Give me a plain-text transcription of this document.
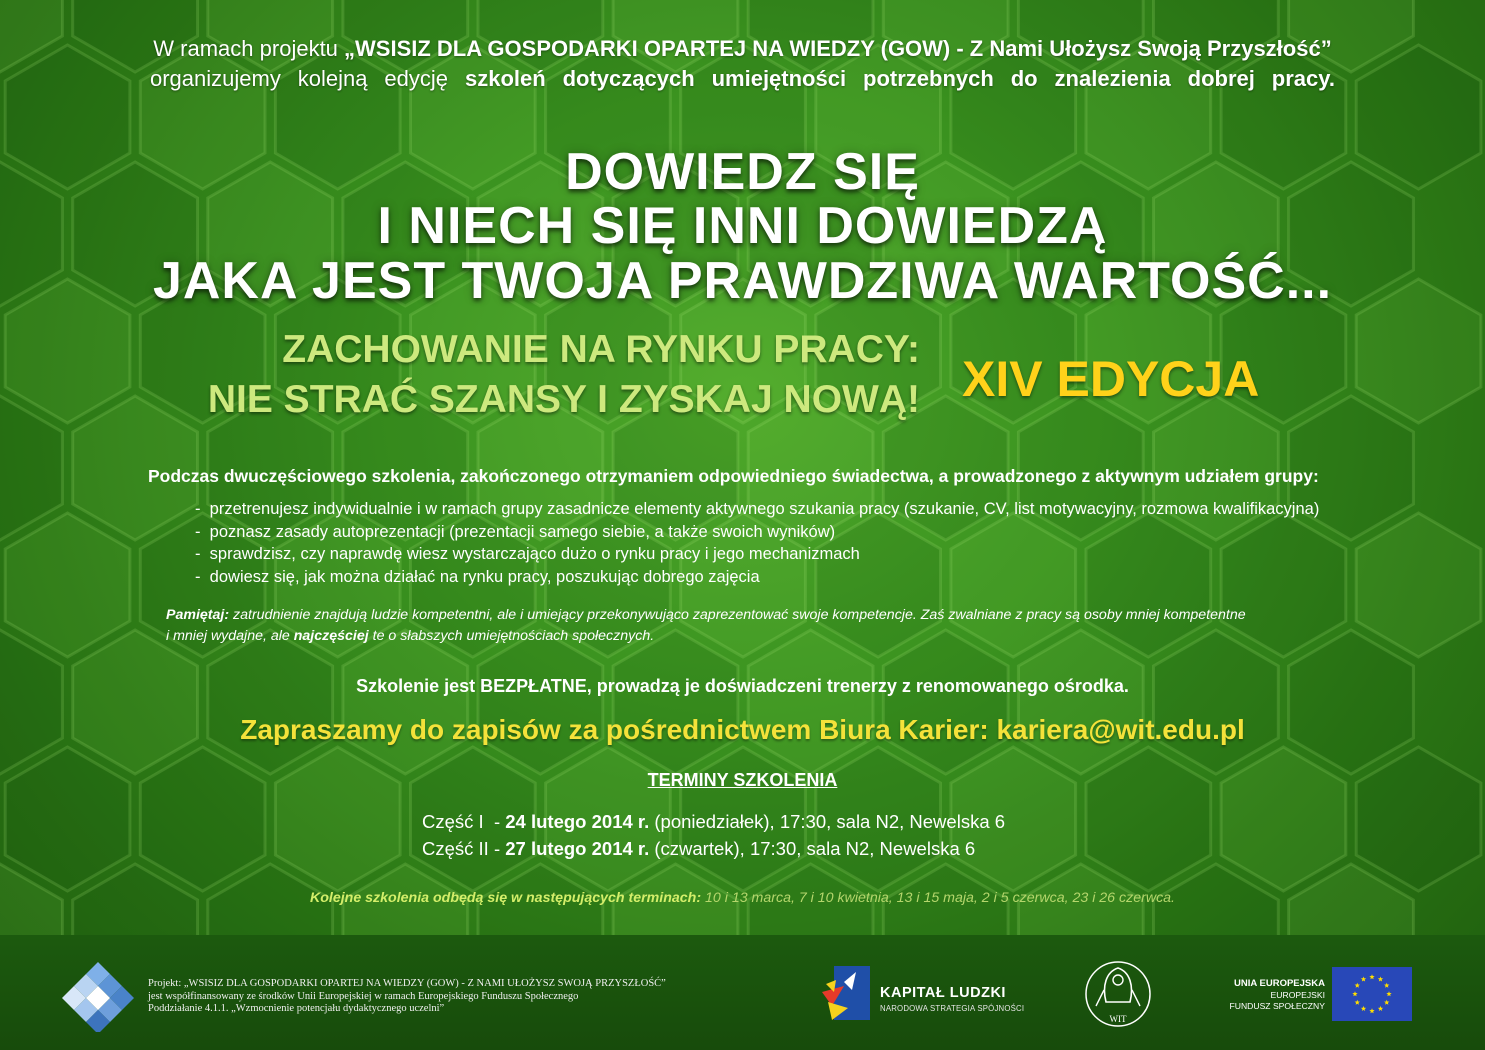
W ramach projektu „WSISIZ DLA GOSPODARKI OPARTEJ NA WIEDZY (GOW) - Z Nami Ułożysz Swoją Przyszłość”
organizujemy kolejną edycję szkoleń dotyczących umiejętności potrzebnych do znalezienia dobrej pracy.
DOWIEDZ SIĘ
I NIECH SIĘ INNI DOWIEDZĄ
JAKA JEST TWOJA PRAWDZIWA WARTOŚĆ...
ZACHOWANIE NA RYNKU PRACY:
NIE STRAĆ SZANSY I ZYSKAJ NOWĄ! XIV EDYCJA
Podczas dwuczęściowego szkolenia, zakończonego otrzymaniem odpowiedniego świadectwa, a prowadzonego z aktywnym udziałem grupy:
- przetrenujesz indywidualnie i w ramach grupy zasadnicze elementy aktywnego szukania pracy (szukanie, CV, list motywacyjny, rozmowa kwalifikacyjna)
- poznasz zasady autoprezentacji (prezentacji samego siebie, a także swoich wyników)
- sprawdzisz, czy naprawdę wiesz wystarczająco dużo o rynku pracy i jego mechanizmach
- dowiesz się, jak można działać na rynku pracy, poszukując dobrego zajęcia
Pamiętaj: zatrudnienie znajdują ludzie kompetentni, ale i umiejący przekonywująco zaprezentować swoje kompetencje. Zaś zwalniane z pracy są osoby mniej kompetentne
i mniej wydajne, ale najczęściej te o słabszych umiejętnościach społecznych.
Szkolenie jest BEZPŁATNE, prowadzą je doświadczeni trenerzy z renomowanego ośrodka.
Zapraszamy do zapisów za pośrednictwem Biura Karier: kariera@wit.edu.pl
TERMINY SZKOLENIA
Część I  - 24 lutego 2014 r. (poniedziałek), 17:30, sala N2, Newelska 6
Część II - 27 lutego 2014 r. (czwartek), 17:30, sala N2, Newelska 6
Kolejne szkolenia odbędą się w następujących terminach: 10 i 13 marca, 7 i 10 kwietnia, 13 i 15 maja, 2 i 5 czerwca, 23 i 26 czerwca.
Projekt: „WSISIZ DLA GOSPODARKI OPARTEJ NA WIEDZY (GOW) - Z NAMI UŁOŻYSZ SWOJĄ PRZYSZŁOŚĆ”
jest współfinansowany ze środków Unii Europejskiej w ramach Europejskiego Funduszu Społecznego
Poddziałanie 4.1.1. „Wzmocnienie potencjału dydaktycznego uczelni”
KAPITAŁ LUDZKI
NARODOWA STRATEGIA SPÓJNOŚCI
WIT
UNIA EUROPEJSKA
EUROPEJSKI
FUNDUSZ SPOŁECZNY
